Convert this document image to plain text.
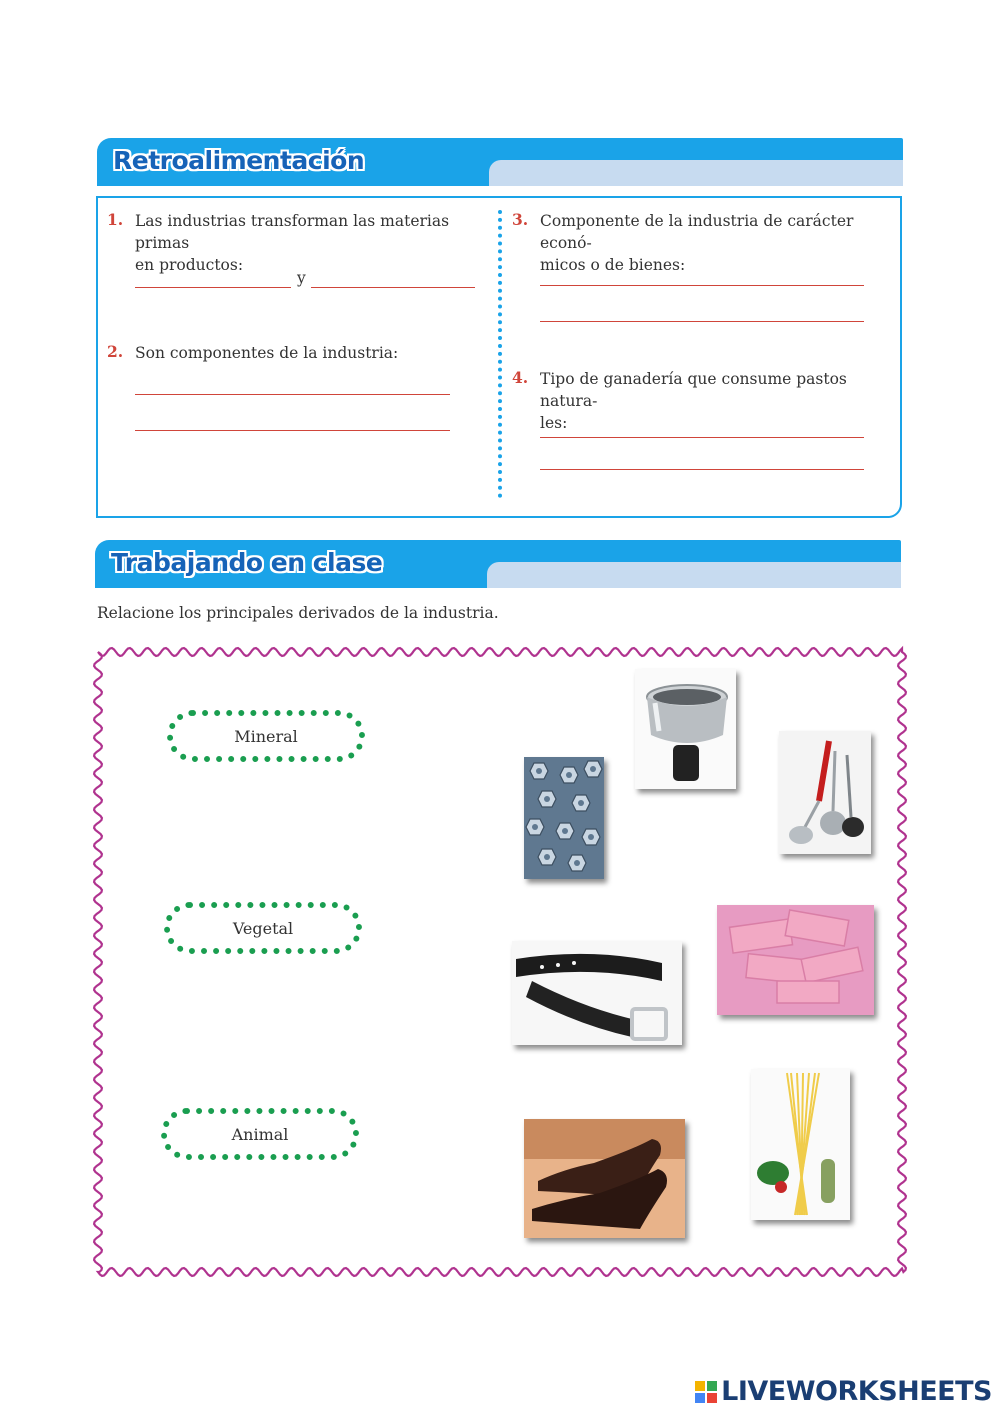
Retroalimentación
1. Las industrias transforman las materias primas
en productos:
y
2. Son componentes de la industria:
3. Componente de la industria de carácter econó-
micos o de bienes:
4. Tipo de ganadería que consume pastos natura-
les:
Trabajando en clase
Relacione los principales derivados de la industria.
Mineral
Vegetal
Animal
LIVEWORKSHEETS
